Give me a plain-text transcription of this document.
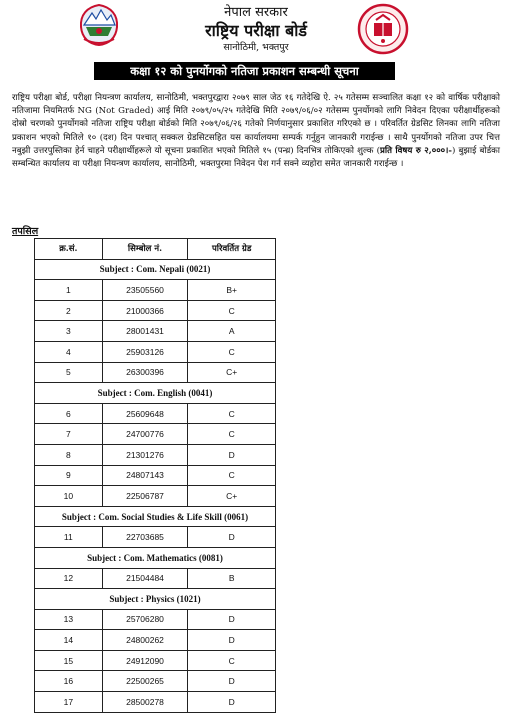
नेपाल सरकार
राष्ट्रिय परीक्षा बोर्ड
सानोठिमी, भक्तपुर
कक्षा १२ को पुनर्योगको नतिजा प्रकाशन सम्बन्धी सूचना
राष्ट्रिय परीक्षा बोर्ड, परीक्षा नियन्त्रण कार्यालय, सानोठिमी, भक्तपुरद्वारा २०७९ साल जेठ १६ गतेदेखि ऐ. २५ गतेसम्म सञ्चालित कक्षा १२ को वार्षिक परीक्षाको नतिजामा नियमितर्फ NG (Not Graded) आई मिति २०७९/०५/२५ गतेदेखि मिति २०७९/०६/०२ गतेसम्म पुनर्योगको लागि निवेदन दिएका परीक्षार्थीहरूको दोस्रो चरणको पुनर्योगको नतिजा राष्ट्रिय परीक्षा बोर्डको मिति २०७९/०६/२६ गतेको निर्णयानुसार प्रकाशित गरिएको छ । परिवर्तित ग्रेडसिट लिनका लागि नतिजा प्रकाशन भएको मितिले १० (दश) दिन पश्चात् सक्कल ग्रेडसिटसहित यस कार्यालयमा सम्पर्क गर्नुहुन जानकारी गराईन्छ । साथै पुनर्योगको नतिजा उपर चित्त नबुझी उत्तरपुस्तिका हेर्न चाहने परीक्षार्थीहरूले यो सूचना प्रकाशित भएको मितिले १५ (पन्ध्र) दिनभित्र तोकिएको शुल्क (प्रति विषय रु २,०००।-) बुझाई बोर्डका सम्बन्धित कार्यालय वा परीक्षा नियन्त्रण कार्यालय, सानोठिमी, भक्तपुरमा निवेदन पेश गर्न सक्ने व्यहोरा समेत जानकारी गराईन्छ ।
तपसिल
क्र.सं.	सिम्बोल नं.	परिवर्तित ग्रेड
Subject : Com. Nepali (0021)		
1	23505560	B+
2	21000366	C
3	28001431	A
4	25903126	C
5	26300396	C+
Subject : Com. English (0041)		
6	25609648	C
7	24700776	C
8	21301276	D
9	24807143	C
10	22506787	C+
Subject : Com. Social Studies & Life Skill (0061)		
11	22703685	D
Subject : Com. Mathematics (0081)		
12	21504484	B
Subject : Physics (1021)		
13	25706280	D
14	24800262	D
15	24912090	C
16	22500265	D
17	28500278	D
